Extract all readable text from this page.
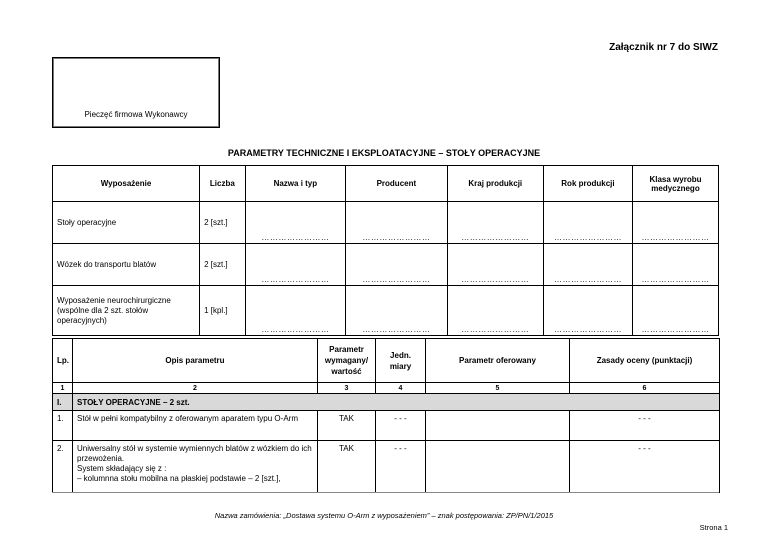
Załącznik nr 7 do SIWZ
Pieczęć firmowa Wykonawcy
PARAMETRY TECHNICZNE I EKSPLOATACYJNE – STOŁY OPERACYJNE
Wyposażenie	Liczba	Nazwa i typ	Producent	Kraj produkcji	Rok produkcji	Klasa wyrobu medycznego
Stoły operacyjne	2 [szt.]	……………………	……………………	……………………	……………………	……………………
Wózek do transportu blatów	2 [szt.]	……………………	……………………	……………………	……………………	……………………
Wyposażenie neurochirurgiczne (wspólne dla 2 szt. stołów operacyjnych)	1 [kpl.]	……………………	……………………	……………………	……………………	……………………
Lp.	Opis parametru	Parametr wymagany/ wartość	Jedn. miary	Parametr oferowany	Zasady oceny (punktacji)
1	2	3	4	5	6
I.	STOŁY OPERACYJNE – 2 szt.				
1.	Stół w pełni kompatybilny z oferowanym aparatem typu O-Arm	TAK	- - -		- - -
2.	Uniwersalny stół w systemie wymiennych blatów z wózkiem do ich przewożenia.
System składający się z :
– kolumnna stołu mobilna na płaskiej podstawie – 2 [szt.],	TAK	- - -		- - -
Nazwa zamówienia: „Dostawa systemu O-Arm z wyposażeniem” – znak postępowania: ZP/PN/1/2015
Strona 1
